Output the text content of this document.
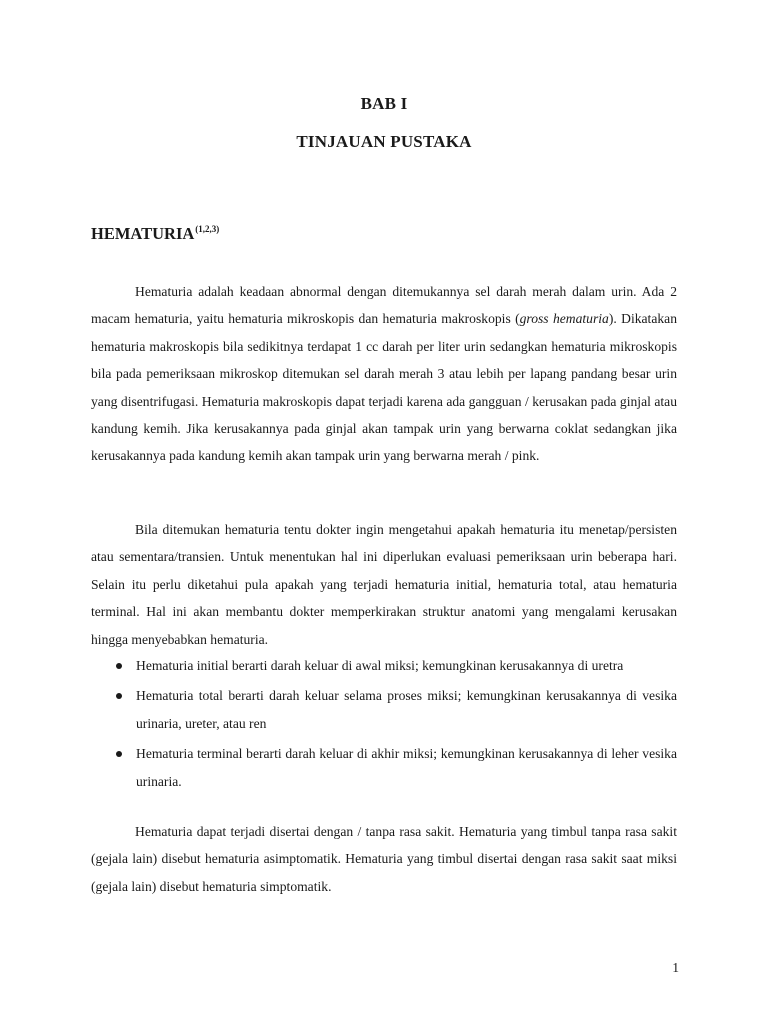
BAB I
TINJAUAN PUSTAKA
HEMATURIA$^{(1,2,3)}$

Hematuria adalah keadaan abnormal dengan ditemukannya sel darah merah dalam urin. Ada 2 macam hematuria, yaitu hematuria mikroskopis dan hematuria makroskopis (gross hematuria). Dikatakan hematuria makroskopis bila sedikitnya terdapat 1 cc darah per liter urin sedangkan hematuria mikroskopis bila pada pemeriksaan mikroskop ditemukan sel darah merah 3 atau lebih per lapang pandang besar urin yang disentrifugasi. Hematuria makroskopis dapat terjadi karena ada gangguan / kerusakan pada ginjal atau kandung kemih. Jika kerusakannya pada ginjal akan tampak urin yang berwarna coklat sedangkan jika kerusakannya pada kandung kemih akan tampak urin yang berwarna merah / pink.

Bila ditemukan hematuria tentu dokter ingin mengetahui apakah hematuria itu menetap/persisten atau sementara/transien. Untuk menentukan hal ini diperlukan evaluasi pemeriksaan urin beberapa hari. Selain itu perlu diketahui pula apakah yang terjadi hematuria initial, hematuria total, atau hematuria terminal. Hal ini akan membantu dokter memperkirakan struktur anatomi yang mengalami kerusakan hingga menyebabkan hematuria.

Hematuria initial berarti darah keluar di awal miksi; kemungkinan kerusakannya di uretra
Hematuria total berarti darah keluar selama proses miksi; kemungkinan kerusakannya di vesika urinaria, ureter, atau ren
Hematuria terminal berarti darah keluar di akhir miksi; kemungkinan kerusakannya di leher vesika urinaria.

Hematuria dapat terjadi disertai dengan / tanpa rasa sakit. Hematuria yang timbul tanpa rasa sakit (gejala lain) disebut hematuria asimptomatik. Hematuria yang timbul disertai dengan rasa sakit saat miksi (gejala lain) disebut hematuria simptomatik.

1
